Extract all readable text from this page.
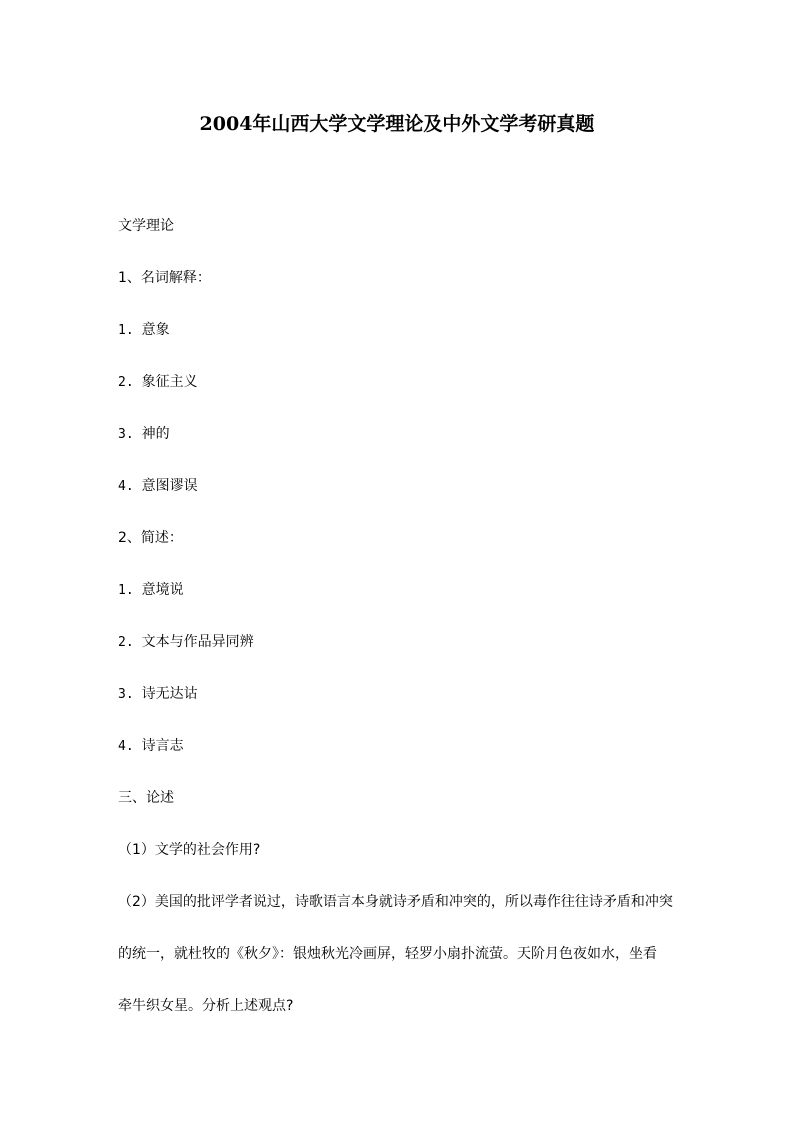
2004年山西大学文学理论及中外文学考研真题
文学理论
1、名词解释：
1. 意象
2. 象征主义
3. 神的
4. 意图谬误
2、简述：
1. 意境说
2. 文本与作品异同辨
3. 诗无达诂
4. 诗言志
三、论述
（1）文学的社会作用?
（2）美国的批评学者说过，诗歌语言本身就诗矛盾和冲突的，所以毒作往往诗矛盾和冲突
的统一，就杜牧的《秋夕》：银烛秋光冷画屏，轻罗小扇扑流萤。天阶月色夜如水，坐看
牵牛织女星。分析上述观点?
